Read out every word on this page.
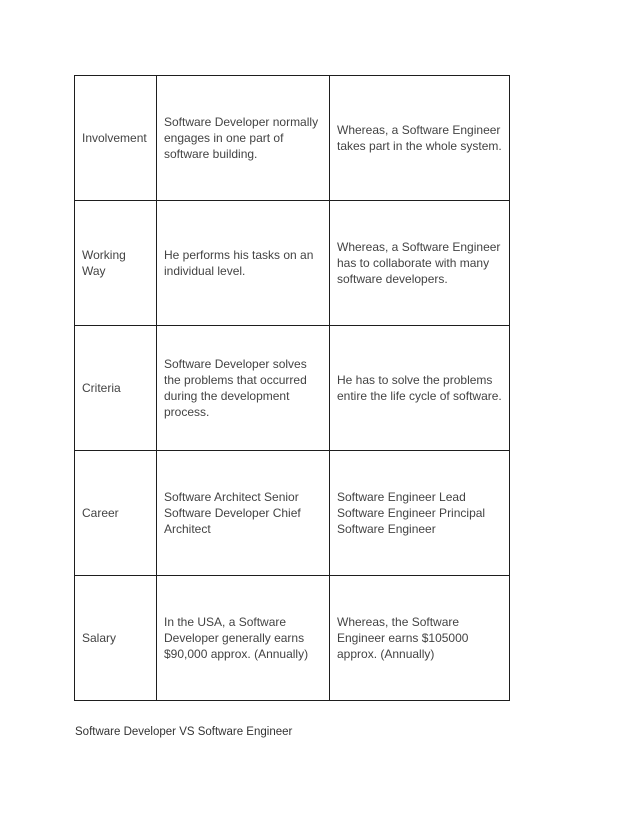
Involvement	Software Developer normally engages in one part of software building.	Whereas, a Software Engineer takes part in the whole system.
Working Way	He performs his tasks on an individual level.	Whereas, a Software Engineer has to collaborate with many software developers.
Criteria	Software Developer solves the problems that occurred during the development process.	He has to solve the problems entire the life cycle of software.
Career	Software Architect Senior Software Developer Chief Architect	Software Engineer Lead Software Engineer Principal Software Engineer
Salary	In the USA, a Software Developer generally earns $90,000 approx. (Annually)	Whereas, the Software Engineer earns $105000 approx. (Annually)
Software Developer VS Software Engineer
